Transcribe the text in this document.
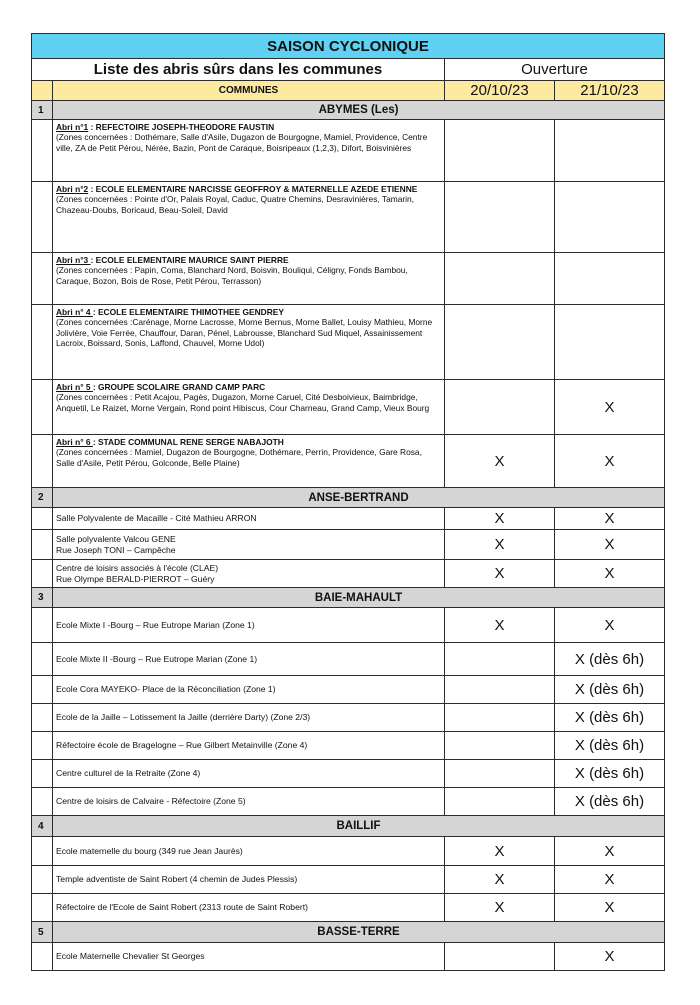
SAISON CYCLONIQUE			
Liste des abris sûrs dans les communes		Ouverture	
	COMMUNES	20/10/23	21/10/23
1	ABYMES (Les)		
	Abri n°1 : REFECTOIRE JOSEPH-THEODORE FAUSTIN
(Zones concernées : Dothémare, Salle d'Asile, Dugazon de Bourgogne, Mamiel, Providence, Centre ville, ZA de Petit Pérou, Nérée, Bazin, Pont de Caraque, Boisripeaux (1,2,3), Difort, Boisvinières		

	Abri n°2 : ECOLE ELEMENTAIRE NARCISSE GEOFFROY & MATERNELLE AZEDE ETIENNE
(Zones concernées : Pointe d'Or, Palais Royal, Caduc, Quatre Chemins, Desravinières, Tamarin, Chazeau-Doubs, Boricaud, Beau-Soleil, David		

	Abri n°3 : ECOLE ELEMENTAIRE MAURICE SAINT PIERRE
(Zones concernées : Papin, Coma, Blanchard Nord, Boisvin, Bouliqui, Céligny, Fonds Bambou, Caraque, Bozon, Bois de Rose, Petit Pérou, Terrasson)		

	Abri n° 4 : ECOLE ELEMENTAIRE THIMOTHEE GENDREY
(Zones concernées :Carénage, Morne Lacrosse, Morne Bernus, Morne Ballet, Louisy Mathieu, Morne Jolivière, Voie Ferrée, Chauffour, Daran, Pénel, Labrousse, Blanchard Sud Miquel, Assainissement Lacroix, Boissard, Sonis, Laffond, Chauvel, Morne Udol)		

	Abri n° 5 : GROUPE SCOLAIRE GRAND CAMP PARC
(Zones concernées : Petit Acajou, Pagès, Dugazon, Morne Caruel, Cité Desboivieux, Baimbridge, Anquetil, Le Raizet, Morne Vergain, Rond point Hibiscus, Cour Charneau, Grand Camp, Vieux Bourg		X
	Abri n° 6 : STADE COMMUNAL RENE SERGE NABAJOTH
(Zones concernées : Mamiel, Dugazon de Bourgogne, Dothémare, Perrin, Providence, Gare Rosa, Salle d'Asile, Petit Pérou, Golconde, Belle Plaine)	X	X
2	ANSE-BERTRAND		

	Salle Polyvalente de Macaille - Cité Mathieu ARRON	X	X

	Salle polyvalente Valcou GENE
Rue Joseph TONI – Campêche	X	X

	Centre de loisirs associés à l'école (CLAE)
Rue Olympe BERALD-PIERROT – Guéry	X	X
3	BAIE-MAHAULT		

	Ecole Mixte I -Bourg – Rue Eutrope Marian (Zone 1)	X	X

	Ecole Mixte II -Bourg – Rue Eutrope Marian (Zone 1)		X (dès 6h)

	Ecole Cora MAYEKO- Place de la Réconciliation (Zone 1)		X (dès 6h)

	Ecole de la Jaille – Lotissement la Jaille (derrière Darty) (Zone 2/3)		X (dès 6h)

	Réfectoire école de Bragelogne – Rue Gilbert Metainville (Zone 4)		X (dès 6h)

	Centre culturel de la Retraite (Zone 4)		X (dès 6h)

	Centre de loisirs de Calvaire - Réfectoire (Zone 5)		X (dès 6h)
4	BAILLIF		

	Ecole maternelle du bourg (349 rue Jean Jaurès)	X	X

	Temple adventiste de Saint Robert (4 chemin de Judes Plessis)	X	X

	Réfectoire de l'Ecole de Saint Robert (2313 route de Saint Robert)	X	X
5	BASSE-TERRE		

	Ecole Maternelle Chevalier St Georges		X
